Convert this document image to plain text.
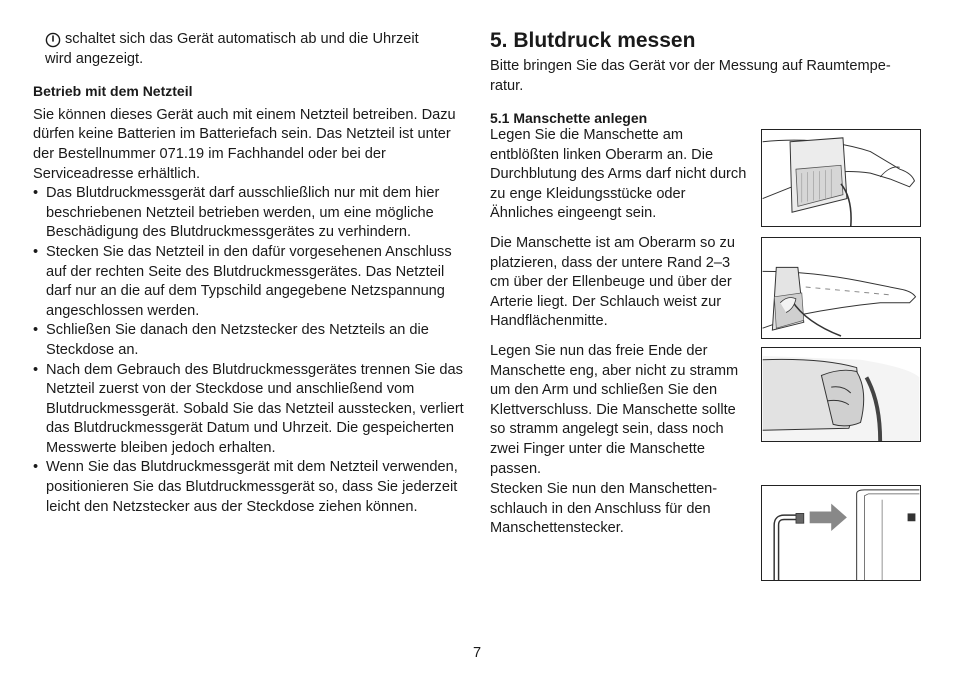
schaltet sich das Gerät automatisch ab und die Uhrzeit

wird angezeigt.

Betrieb mit dem Netzteil

Sie können dieses Gerät auch mit einem Netzteil betreiben. Dazu dürfen keine Batterien im Batteriefach sein. Das Netzteil ist unter der Bestellnummer 071.19 im Fachhandel oder bei der Serviceadresse erhältlich.

• Das Blutdruckmessgerät darf ausschließlich nur mit dem hier beschriebenen Netzteil betrieben werden, um eine mögliche Beschädigung des Blutdruckmessgerätes zu verhindern.
• Stecken Sie das Netzteil in den dafür vorgesehenen Anschluss auf der rechten Seite des Blutdruckmessgerätes. Das Netzteil darf nur an die auf dem Typschild angegebene Netzspannung angeschlossen werden.
• Schließen Sie danach den Netzstecker des Netzteils an die Steckdose an.
• Nach dem Gebrauch des Blutdruckmessgerätes trennen Sie das Netzteil zuerst von der Steckdose und anschließend vom Blutdruckmessgerät. Sobald Sie das Netzteil ausstecken, verliert das Blutdruckmessgerät Datum und Uhrzeit. Die gespeicherten Messwerte bleiben jedoch erhalten.
• Wenn Sie das Blutdruckmessgerät mit dem Netzteil verwenden, positionieren Sie das Blutdruckmessgerät so, dass Sie jederzeit leicht den Netzstecker aus der Steckdose ziehen können.
5. Blutdruck messen

Bitte bringen Sie das Gerät vor der Messung auf Raumtempe-ratur.

5.1 Manschette anlegen

Legen Sie die Manschette am entblößten linken Oberarm an. Die Durchblutung des Arms darf nicht durch zu enge Kleidungsstücke oder Ähnliches eingeengt sein.

Die Manschette ist am Oberarm so zu platzieren, dass der untere Rand 2–3 cm über der Ellenbeuge und über der Arterie liegt. Der Schlauch weist zur Handflächenmitte.

Legen Sie nun das freie Ende der Manschette eng, aber nicht zu stramm um den Arm und schließen Sie den Klettverschluss. Die Manschette sollte so stramm angelegt sein, dass noch zwei Finger unter die Manschette passen.

Stecken Sie nun den Manschetten-schlauch in den Anschluss für den Manschettenstecker.

7
